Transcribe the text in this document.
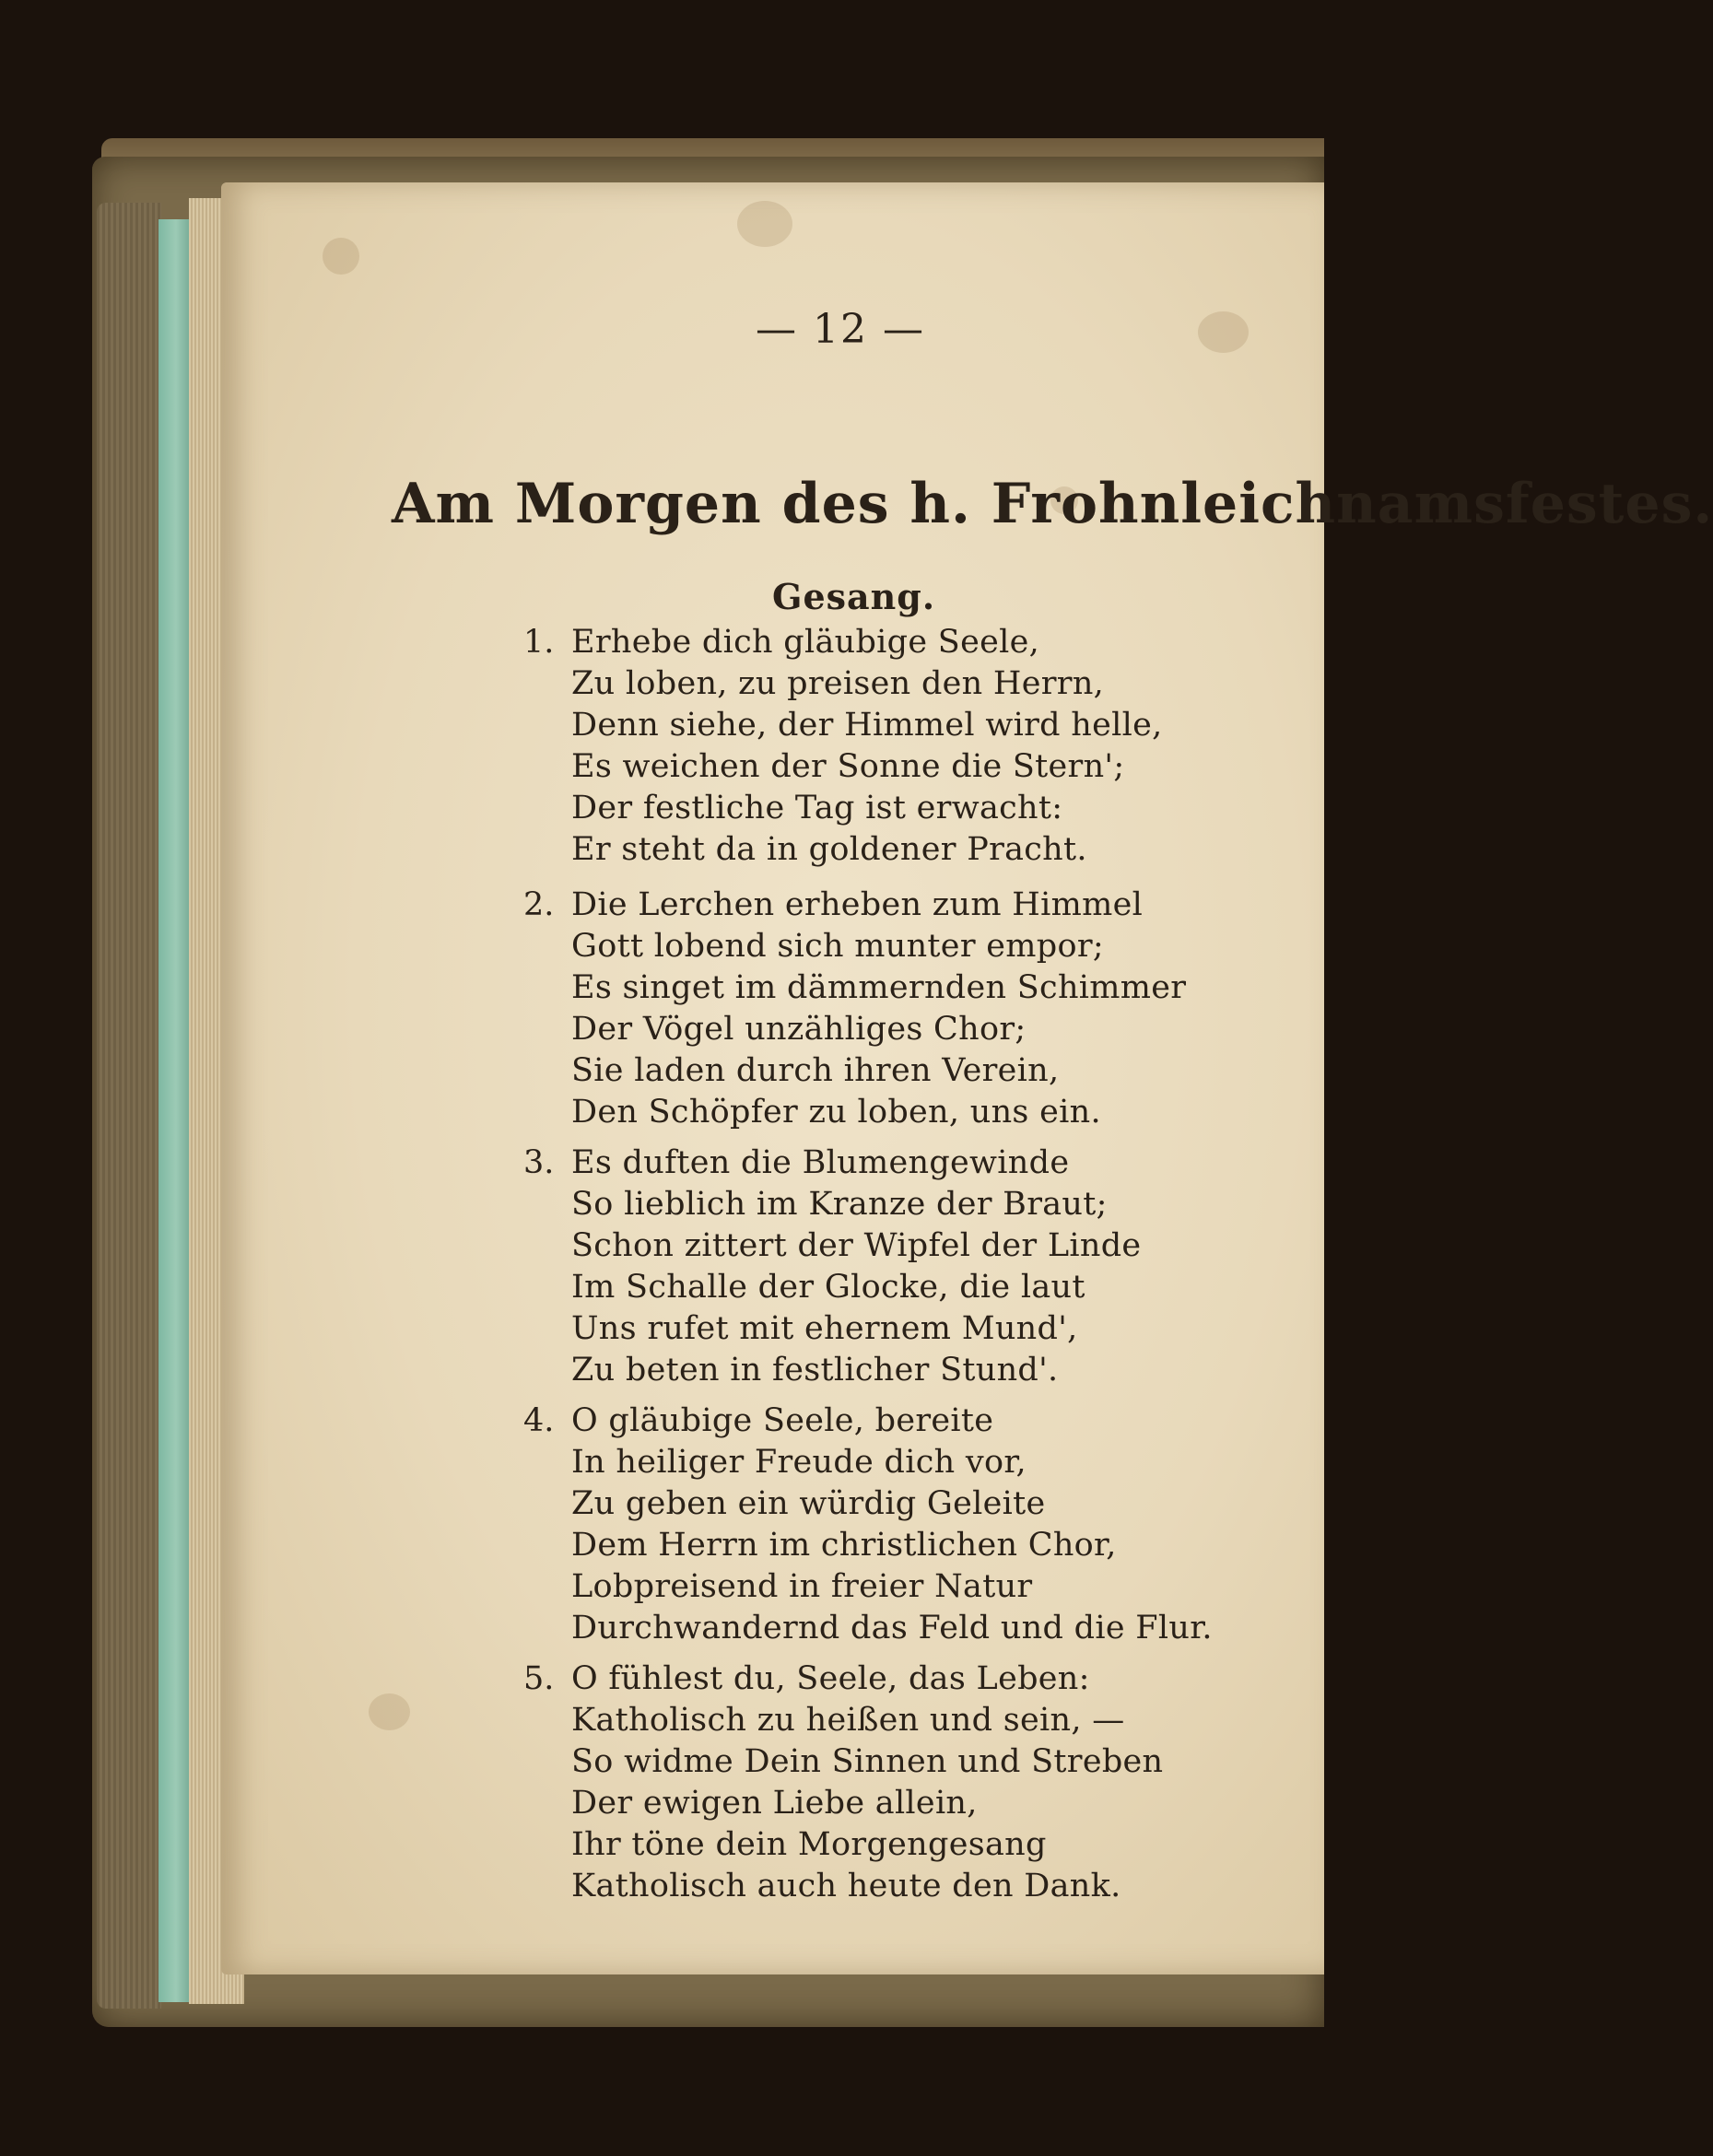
— 12 —
Am Morgen des h. Frohnleichnamsfestes.
Gesang.
1. Erhebe dich gläubige Seele,
Zu loben, zu preisen den Herrn,
Denn siehe, der Himmel wird helle,
Es weichen der Sonne die Stern';
Der festliche Tag ist erwacht:
Er steht da in goldener Pracht.
2. Die Lerchen erheben zum Himmel
Gott lobend sich munter empor;
Es singet im dämmernden Schimmer
Der Vögel unzähliges Chor;
Sie laden durch ihren Verein,
Den Schöpfer zu loben, uns ein.
3. Es duften die Blumengewinde
So lieblich im Kranze der Braut;
Schon zittert der Wipfel der Linde
Im Schalle der Glocke, die laut
Uns rufet mit ehernem Mund',
Zu beten in festlicher Stund'.
4. O gläubige Seele, bereite
In heiliger Freude dich vor,
Zu geben ein würdig Geleite
Dem Herrn im christlichen Chor,
Lobpreisend in freier Natur
Durchwandernd das Feld und die Flur.
5. O fühlest du, Seele, das Leben:
Katholisch zu heißen und sein, —
So widme Dein Sinnen und Streben
Der ewigen Liebe allein,
Ihr töne dein Morgengesang
Katholisch auch heute den Dank.
